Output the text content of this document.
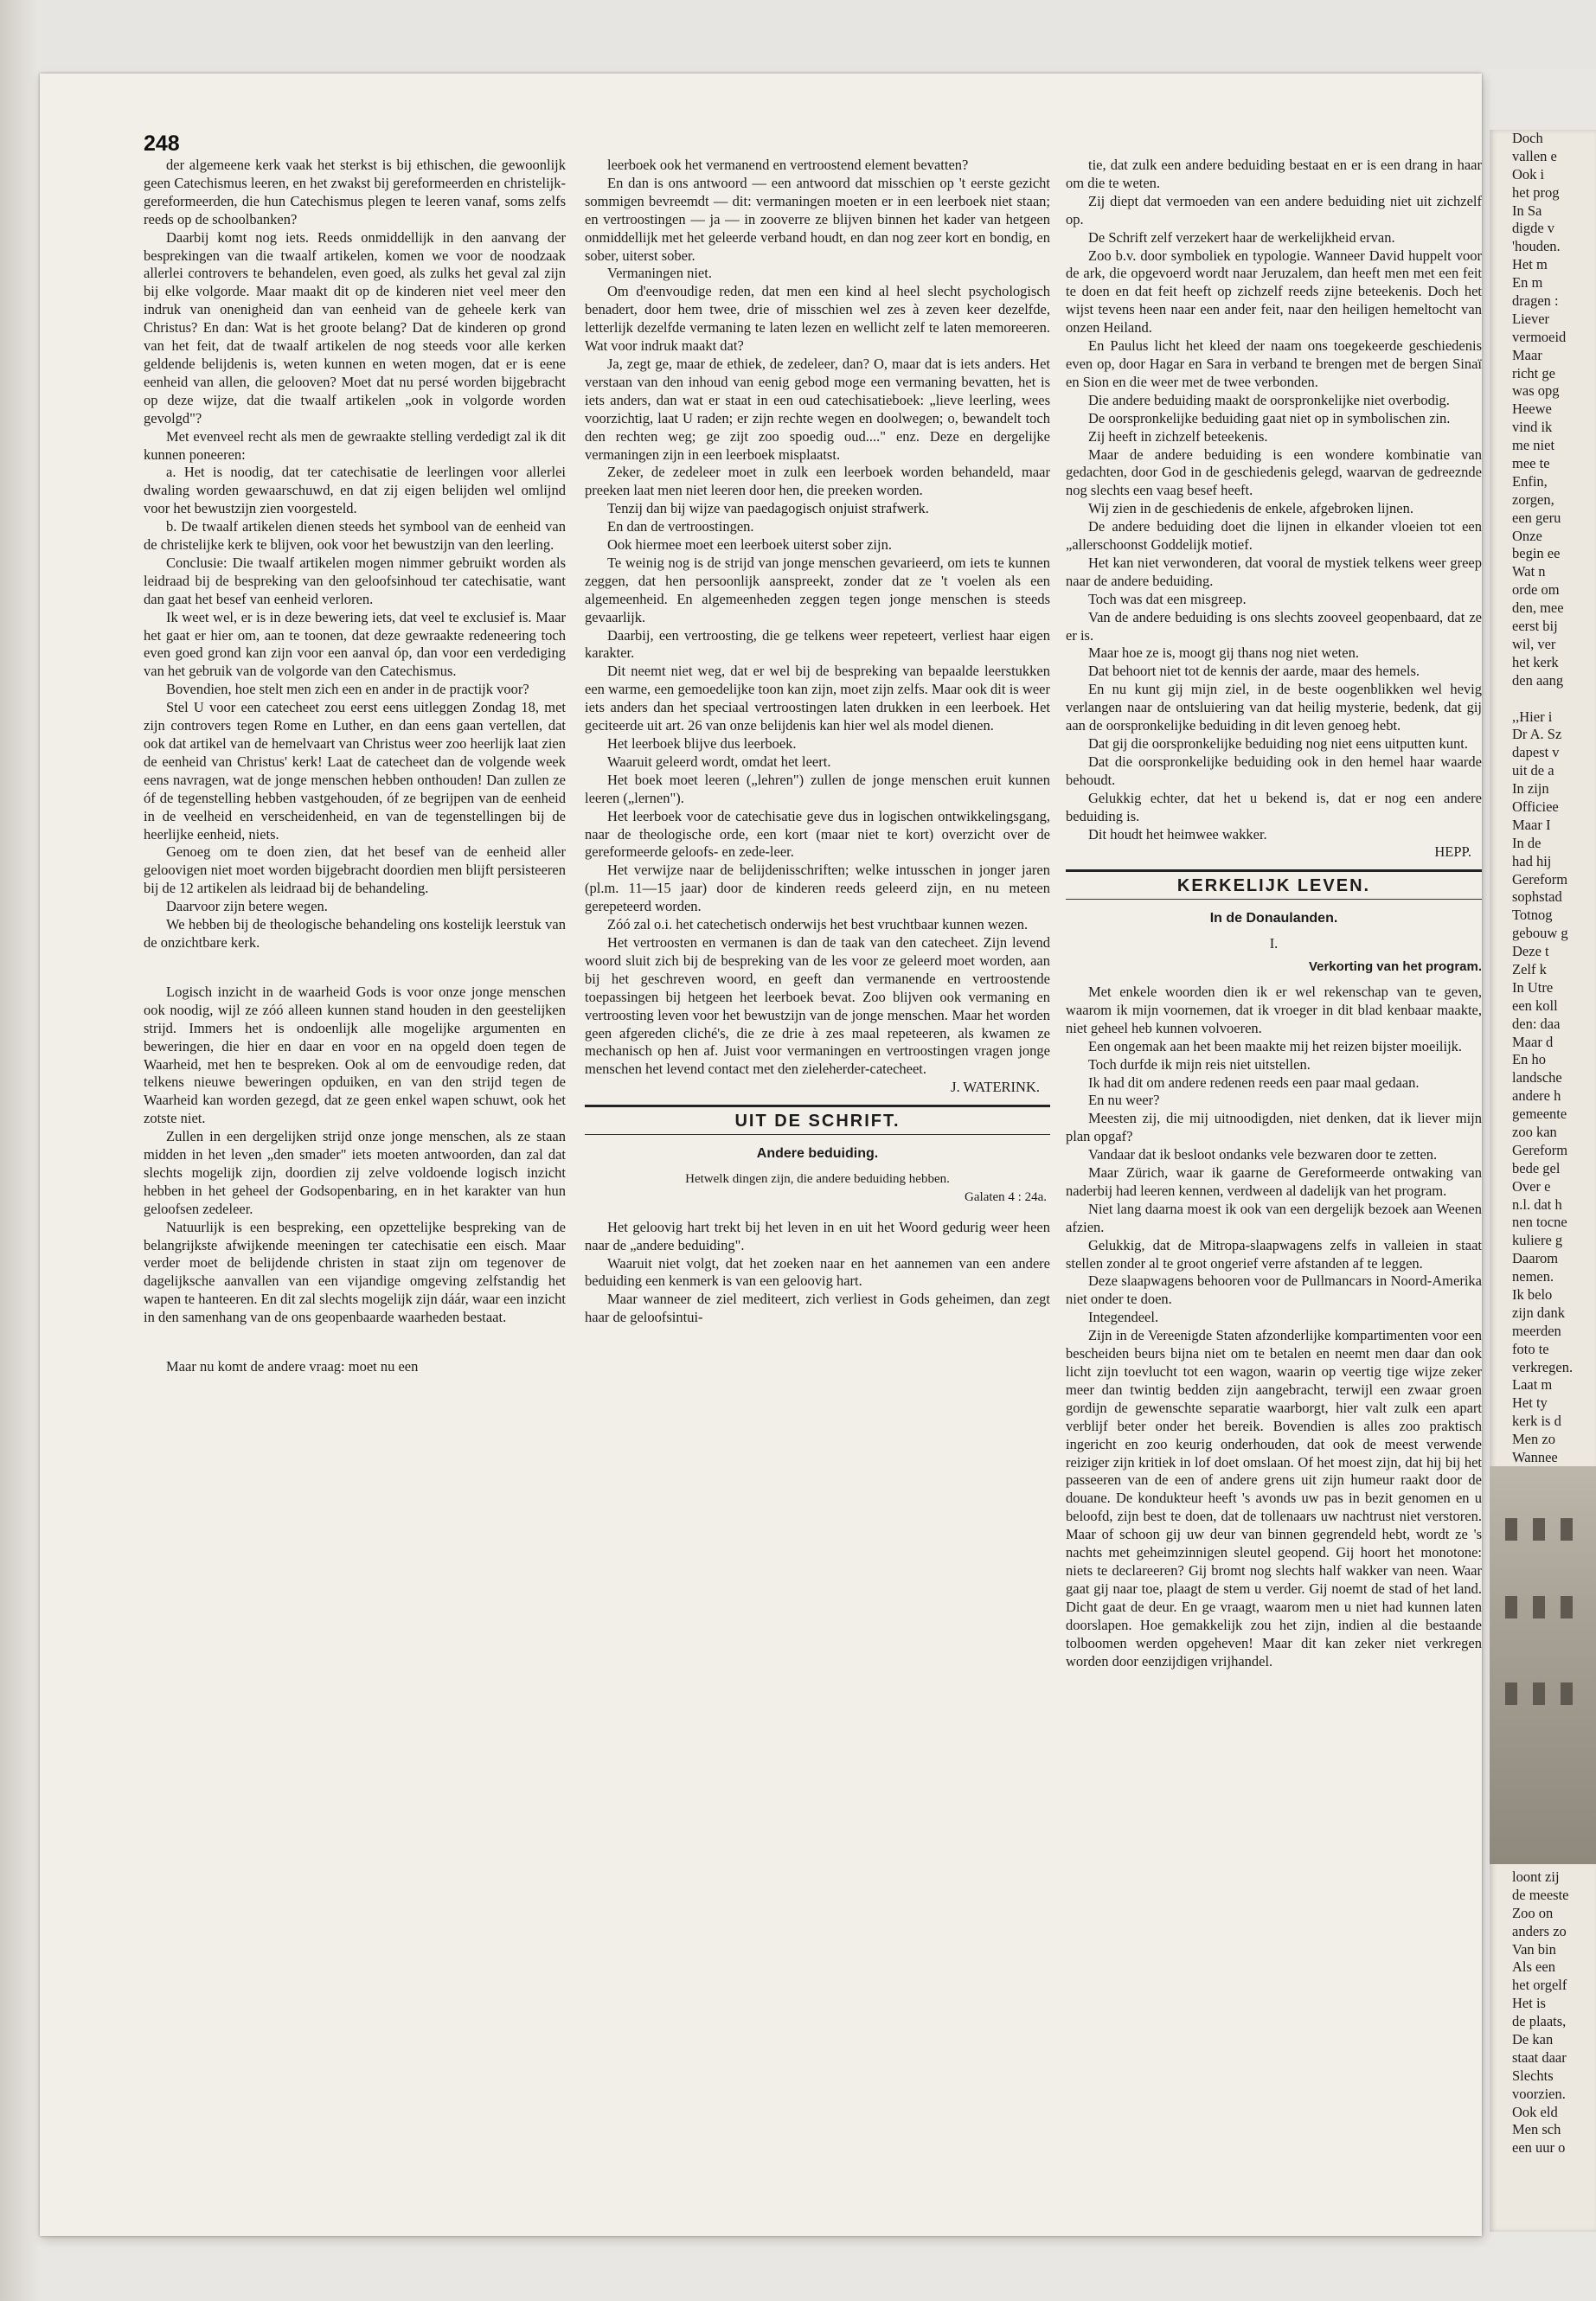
248

der algemeene kerk vaak het sterkst is bij ethischen, die gewoonlijk geen Catechismus leeren, en het zwakst bij gereformeerden en christelijk-gereformeerden, die hun Catechismus plegen te leeren vanaf, soms zelfs reeds op de schoolbanken?

Daarbij komt nog iets. Reeds onmiddellijk in den aanvang der besprekingen van die twaalf artikelen, komen we voor de noodzaak allerlei controvers te behandelen, even goed, als zulks het geval zal zijn bij elke volgorde. Maar maakt dit op de kinderen niet veel meer den indruk van onenigheid dan van eenheid van de geheele kerk van Christus? En dan: Wat is het groote belang? Dat de kinderen op grond van het feit, dat de twaalf artikelen de nog steeds voor alle kerken geldende belijdenis is, weten kunnen en weten mogen, dat er is eene eenheid van allen, die gelooven? Moet dat nu persé worden bijgebracht op deze wijze, dat die twaalf artikelen „ook in volgorde worden gevolgd"?

Met evenveel recht als men de gewraakte stelling verdedigt zal ik dit kunnen poneeren:

a. Het is noodig, dat ter catechisatie de leerlingen voor allerlei dwaling worden gewaarschuwd, en dat zij eigen belijden wel omlijnd voor het bewustzijn zien voorgesteld.

b. De twaalf artikelen dienen steeds het symbool van de eenheid van de christelijke kerk te blijven, ook voor het bewustzijn van den leerling.

Conclusie: Die twaalf artikelen mogen nimmer gebruikt worden als leidraad bij de bespreking van den geloofsinhoud ter catechisatie, want dan gaat het besef van eenheid verloren.

Ik weet wel, er is in deze bewering iets, dat veel te exclusief is. Maar het gaat er hier om, aan te toonen, dat deze gewraakte redeneering toch even goed grond kan zijn voor een aanval óp, dan voor een verdediging van het gebruik van de volgorde van den Catechismus.

Bovendien, hoe stelt men zich een en ander in de practijk voor?

Stel U voor een catecheet zou eerst eens uitleggen Zondag 18, met zijn controvers tegen Rome en Luther, en dan eens gaan vertellen, dat ook dat artikel van de hemelvaart van Christus weer zoo heerlijk laat zien de eenheid van Christus' kerk! Laat de catecheet dan de volgende week eens navragen, wat de jonge menschen hebben onthouden! Dan zullen ze óf de tegenstelling hebben vastgehouden, óf ze begrijpen van de eenheid in de veelheid en verscheidenheid, en van de tegenstellingen bij de heerlijke eenheid, niets.

Genoeg om te doen zien, dat het besef van de eenheid aller geloovigen niet moet worden bijgebracht doordien men blijft persisteeren bij de 12 artikelen als leidraad bij de behandeling.

Daarvoor zijn betere wegen.

We hebben bij de theologische behandeling ons kostelijk leerstuk van de onzichtbare kerk.

Logisch inzicht in de waarheid Gods is voor onze jonge menschen ook noodig, wijl ze zóó alleen kunnen stand houden in den geestelijken strijd. Immers het is ondoenlijk alle mogelijke argumenten en beweringen, die hier en daar en voor en na opgeld doen tegen de Waarheid, met hen te bespreken. Ook al om de eenvoudige reden, dat telkens nieuwe beweringen opduiken, en van den strijd tegen de Waarheid kan worden gezegd, dat ze geen enkel wapen schuwt, ook het zotste niet.

Zullen in een dergelijken strijd onze jonge menschen, als ze staan midden in het leven „den smader" iets moeten antwoorden, dan zal dat slechts mogelijk zijn, doordien zij zelve voldoende logisch inzicht hebben in het geheel der Godsopenbaring, en in het karakter van hun geloofsen zedeleer.

Natuurlijk is een bespreking, een opzettelijke bespreking van de belangrijkste afwijkende meeningen ter catechisatie een eisch. Maar verder moet de belijdende christen in staat zijn om tegenover de dagelijksche aanvallen van een vijandige omgeving zelfstandig het wapen te hanteeren. En dit zal slechts mogelijk zijn dáár, waar een inzicht in den samenhang van de ons geopenbaarde waarheden bestaat.

Maar nu komt de andere vraag: moet nu een

leerboek ook het vermanend en vertroostend element bevatten?

En dan is ons antwoord — een antwoord dat misschien op 't eerste gezicht sommigen bevreemdt — dit: vermaningen moeten er in een leerboek niet staan; en vertroostingen — ja — in zooverre ze blijven binnen het kader van hetgeen onmiddellijk met het geleerde verband houdt, en dan nog zeer kort en bondig, en sober, uiterst sober.

Vermaningen niet.

Om d'eenvoudige reden, dat men een kind al heel slecht psychologisch benadert, door hem twee, drie of misschien wel zes à zeven keer dezelfde, letterlijk dezelfde vermaning te laten lezen en wellicht zelf te laten memoreeren. Wat voor indruk maakt dat?

Ja, zegt ge, maar de ethiek, de zedeleer, dan? O, maar dat is iets anders. Het verstaan van den inhoud van eenig gebod moge een vermaning bevatten, het is iets anders, dan wat er staat in een oud catechisatieboek: „lieve leerling, wees voorzichtig, laat U raden; er zijn rechte wegen en doolwegen; o, bewandelt toch den rechten weg; ge zijt zoo spoedig oud...." enz. Deze en dergelijke vermaningen zijn in een leerboek misplaatst.

Zeker, de zedeleer moet in zulk een leerboek worden behandeld, maar preeken laat men niet leeren door hen, die preeken worden.

Tenzij dan bij wijze van paedagogisch onjuist strafwerk.

En dan de vertroostingen.

Ook hiermee moet een leerboek uiterst sober zijn.

Te weinig nog is de strijd van jonge menschen gevarieerd, om iets te kunnen zeggen, dat hen persoonlijk aanspreekt, zonder dat ze 't voelen als een algemeenheid. En algemeenheden zeggen tegen jonge menschen is steeds gevaarlijk.

Daarbij, een vertroosting, die ge telkens weer repeteert, verliest haar eigen karakter.

Dit neemt niet weg, dat er wel bij de bespreking van bepaalde leerstukken een warme, een gemoedelijke toon kan zijn, moet zijn zelfs. Maar ook dit is weer iets anders dan het speciaal vertroostingen laten drukken in een leerboek. Het geciteerde uit art. 26 van onze belijdenis kan hier wel als model dienen.

Het leerboek blijve dus leerboek.

Waaruit geleerd wordt, omdat het leert.

Het boek moet leeren („lehren") zullen de jonge menschen eruit kunnen leeren („lernen").

Het leerboek voor de catechisatie geve dus in logischen ontwikkelingsgang, naar de theologische orde, een kort (maar niet te kort) overzicht over de gereformeerde geloofs- en zede-leer.

Het verwijze naar de belijdenisschriften; welke intusschen in jonger jaren (pl.m. 11—15 jaar) door de kinderen reeds geleerd zijn, en nu meteen gerepeteerd worden.

Zóó zal o.i. het catechetisch onderwijs het best vruchtbaar kunnen wezen.

Het vertroosten en vermanen is dan de taak van den catecheet. Zijn levend woord sluit zich bij de bespreking van de les voor ze geleerd moet worden, aan bij het geschreven woord, en geeft dan vermanende en vertroostende toepassingen bij hetgeen het leerboek bevat. Zoo blijven ook vermaning en vertroosting leven voor het bewustzijn van de jonge menschen. Maar het worden geen afgereden cliché's, die ze drie à zes maal repeteeren, als kwamen ze mechanisch op hen af. Juist voor vermaningen en vertroostingen vragen jonge menschen het levend contact met den zieleherder-catecheet.

J. WATERINK.

UIT DE SCHRIFT.

Andere beduiding.

Hetwelk dingen zijn, die andere beduiding hebben.

Galaten 4 : 24a.

Het geloovig hart trekt bij het leven in en uit het Woord gedurig weer heen naar de „andere beduiding".

Waaruit niet volgt, dat het zoeken naar en het aannemen van een andere beduiding een kenmerk is van een geloovig hart.

Maar wanneer de ziel mediteert, zich verliest in Gods geheimen, dan zegt haar de geloofsintui-

tie, dat zulk een andere beduiding bestaat en er is een drang in haar om die te weten.

Zij diept dat vermoeden van een andere beduiding niet uit zichzelf op.

De Schrift zelf verzekert haar de werkelijkheid ervan.

Zoo b.v. door symboliek en typologie. Wanneer David huppelt voor de ark, die opgevoerd wordt naar Jeruzalem, dan heeft men met een feit te doen en dat feit heeft op zichzelf reeds zijne beteekenis. Doch het wijst tevens heen naar een ander feit, naar den heiligen hemeltocht van onzen Heiland.

En Paulus licht het kleed der naam ons toegekeerde geschiedenis even op, door Hagar en Sara in verband te brengen met de bergen Sinaï en Sion en die weer met de twee verbonden.

Die andere beduiding maakt de oorspronkelijke niet overbodig.

De oorspronkelijke beduiding gaat niet op in symbolischen zin.

Zij heeft in zichzelf beteekenis.

Maar de andere beduiding is een wondere kombinatie van gedachten, door God in de geschiedenis gelegd, waarvan de gedreeznde nog slechts een vaag besef heeft.

Wij zien in de geschiedenis de enkele, afgebroken lijnen.

De andere beduiding doet die lijnen in elkander vloeien tot een „allerschoonst Goddelijk motief.

Het kan niet verwonderen, dat vooral de mystiek telkens weer greep naar de andere beduiding.

Toch was dat een misgreep.

Van de andere beduiding is ons slechts zooveel geopenbaard, dat ze er is.

Maar hoe ze is, moogt gij thans nog niet weten.

Dat behoort niet tot de kennis der aarde, maar des hemels.

En nu kunt gij mijn ziel, in de beste oogenblikken wel hevig verlangen naar de ontsluiering van dat heilig mysterie, bedenk, dat gij aan de oorspronkelijke beduiding in dit leven genoeg hebt.

Dat gij die oorspronkelijke beduiding nog niet eens uitputten kunt.

Dat die oorspronkelijke beduiding ook in den hemel haar waarde behoudt.

Gelukkig echter, dat het u bekend is, dat er nog een andere beduiding is.

Dit houdt het heimwee wakker.

HEPP.

KERKELIJK LEVEN.

In de Donaulanden.

I.

Verkorting van het program.

Met enkele woorden dien ik er wel rekenschap van te geven, waarom ik mijn voornemen, dat ik vroeger in dit blad kenbaar maakte, niet geheel heb kunnen volvoeren.

Een ongemak aan het been maakte mij het reizen bijster moeilijk.

Toch durfde ik mijn reis niet uitstellen.

Ik had dit om andere redenen reeds een paar maal gedaan.

En nu weer?

Meesten zij, die mij uitnoodigden, niet denken, dat ik liever mijn plan opgaf?

Vandaar dat ik besloot ondanks vele bezwaren door te zetten.

Maar Zürich, waar ik gaarne de Gereformeerde ontwaking van naderbij had leeren kennen, verdween al dadelijk van het program.

Niet lang daarna moest ik ook van een dergelijk bezoek aan Weenen afzien.

Gelukkig, dat de Mitropa-slaapwagens zelfs in valleien in staat stellen zonder al te groot ongerief verre afstanden af te leggen.

Deze slaapwagens behooren voor de Pullmancars in Noord-Amerika niet onder te doen.

Integendeel.

Zijn in de Vereenigde Staten afzonderlijke kompartimenten voor een bescheiden beurs bijna niet om te betalen en neemt men daar dan ook licht zijn toevlucht tot een wagon, waarin op veertig tige wijze zeker meer dan twintig bedden zijn aangebracht, terwijl een zwaar groen gordijn de gewenschte separatie waarborgt, hier valt zulk een apart verblijf beter onder het bereik. Bovendien is alles zoo praktisch ingericht en zoo keurig onderhouden, dat ook de meest verwende reiziger zijn kritiek in lof doet omslaan. Of het moest zijn, dat hij bij het passeeren van de een of andere grens uit zijn humeur raakt door de douane. De kondukteur heeft 's avonds uw pas in bezit genomen en u beloofd, zijn best te doen, dat de tollenaars uw nachtrust niet verstoren. Maar of schoon gij uw deur van binnen gegrendeld hebt, wordt ze 's nachts met geheimzinnigen sleutel geopend. Gij hoort het monotone: niets te declareeren? Gij bromt nog slechts half wakker van neen. Waar gaat gij naar toe, plaagt de stem u verder. Gij noemt de stad of het land. Dicht gaat de deur. En ge vraagt, waarom men u niet had kunnen laten doorslapen. Hoe gemakkelijk zou het zijn, indien al die bestaande tolboomen werden opgeheven! Maar dit kan zeker niet verkregen worden door eenzijdigen vrijhandel.

Doch
vallen e
Ook i
het prog
In Sa
digde v
'houden.
Het m
En m
dragen :
Liever
vermoeid
Maar
richt ge
was opg
Heewe
vind ik
me niet
mee te
Enfin,
zorgen,
een geru
Onze
begin ee
Wat n
orde om
den, mee
eerst bij
wil, ver
het kerk
den aang
,,Hier i
Dr A. Sz
dapest v
uit de a
In zijn
Officiee
Maar I
In de
had hij
Gereform
sophstad
Totnog
gebouw g
Deze t
Zelf k
In Utre
een koll
den: daa
Maar d
En ho
landsche
andere h
gemeente
zoo kan
Gereform
bede gel
Over e
n.l. dat h
nen tocne
kuliere g
Daarom
nemen.
Ik belo
zijn dank
meerden
foto te
verkregen.
Laat m
Het ty
kerk is d
Men zo
Wannee
loont zij
de meeste
Zoo on
anders zo
Van bin
Als een
het orgelf
Het is
de plaats,
De kan
staat daar
Slechts
voorzien.
Ook eld
Men sch
een uur o
